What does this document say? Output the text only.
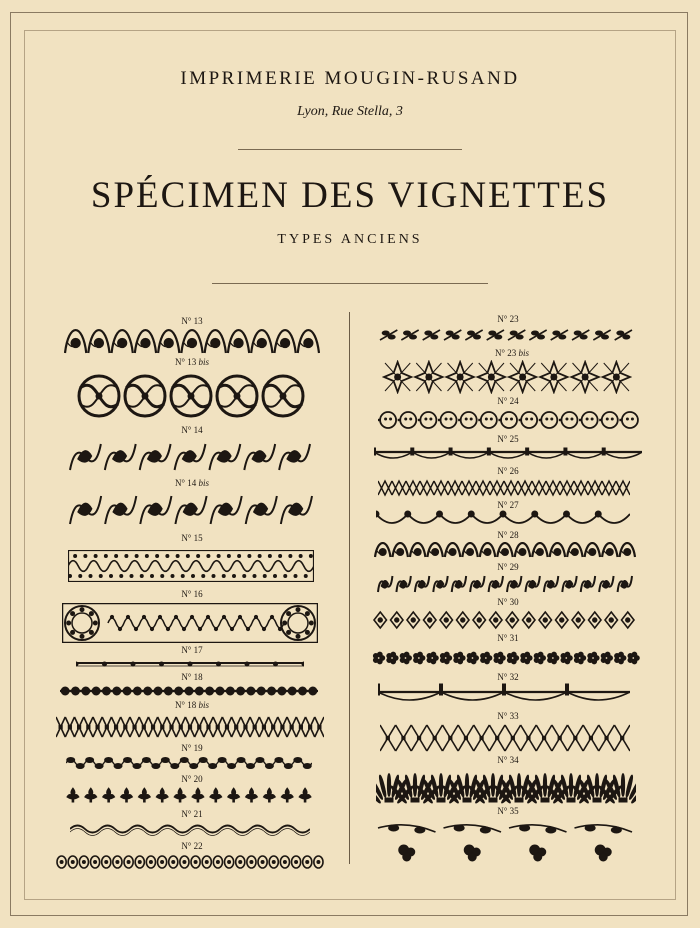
IMPRIMERIE MOUGIN-RUSAND
Lyon, Rue Stella, 3
SPÉCIMEN DES VIGNETTES
TYPES ANCIENS
N° 13
N° 13 bis
N° 14
N° 14 bis
N° 15
N° 16
N° 17
N° 18
N° 18 bis
N° 19
N° 20
N° 21
N° 22
N° 23
N° 23 bis
N° 24
N° 25
N° 26
N° 27
N° 28
N° 29
N° 30
N° 31
N° 32
N° 33
N° 34
N° 35
